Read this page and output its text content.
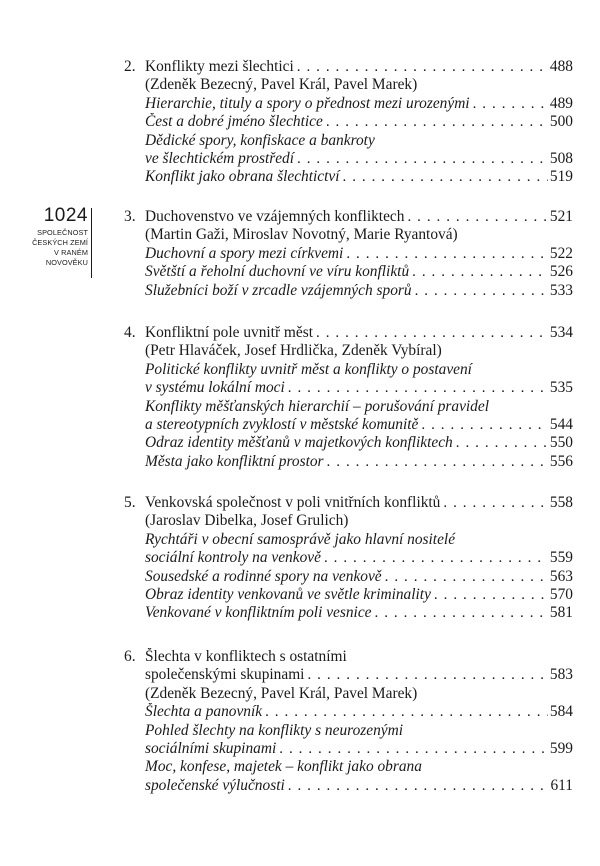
1024
SPOLEČNOST
ČESKÝCH ZEMÍ
V RANÉM
NOVOVĚKU
2. Konflikty mezi šlechtici . . .	488
(Zdeněk Bezecný, Pavel Král, Pavel Marek)
Hierarchie, tituly a spory o přednost mezi urozenými . . .	489
Čest a dobré jméno šlechtice . . .	500
Dědické spory, konfiskace a bankroty
ve šlechtickém prostředí . . .	508
Konflikt jako obrana šlechtictví . . .	519
3. Duchovenstvo ve vzájemných konfliktech . . .	521
(Martin Gaži, Miroslav Novotný, Marie Ryantová)
Duchovní a spory mezi církvemi . . .	522
Světští a řeholní duchovní ve víru konfliktů . . .	526
Služebníci boží v zrcadle vzájemných sporů . . .	533
4. Konfliktní pole uvnitř měst . . .	534
(Petr Hlaváček, Josef Hrdlička, Zdeněk Vybíral)
Politické konflikty uvnitř měst a konflikty o postavení
v systému lokální moci . . .	535
Konflikty měšťanských hierarchií – porušování pravidel
a stereotypních zvyklostí v městské komunitě . . .	544
Odraz identity měšťanů v majetkových konfliktech . . .	550
Města jako konfliktní prostor . . .	556
5. Venkovská společnost v poli vnitřních konfliktů . . .	558
(Jaroslav Dibelka, Josef Grulich)
Rychtáři v obecní samosprávě jako hlavní nositelé
sociální kontroly na venkově . . .	559
Sousedské a rodinné spory na venkově . . .	563
Obraz identity venkovanů ve světle kriminality . . .	570
Venkované v konfliktním poli vesnice . . .	581
6. Šlechta v konfliktech s ostatními
společenskými skupinami . . .	583
(Zdeněk Bezecný, Pavel Král, Pavel Marek)
Šlechta a panovník . . .	584
Pohled šlechty na konflikty s neurozenými
sociálními skupinami . . .	599
Moc, konfese, majetek – konflikt jako obrana
společenské výlučnosti . . .	611
